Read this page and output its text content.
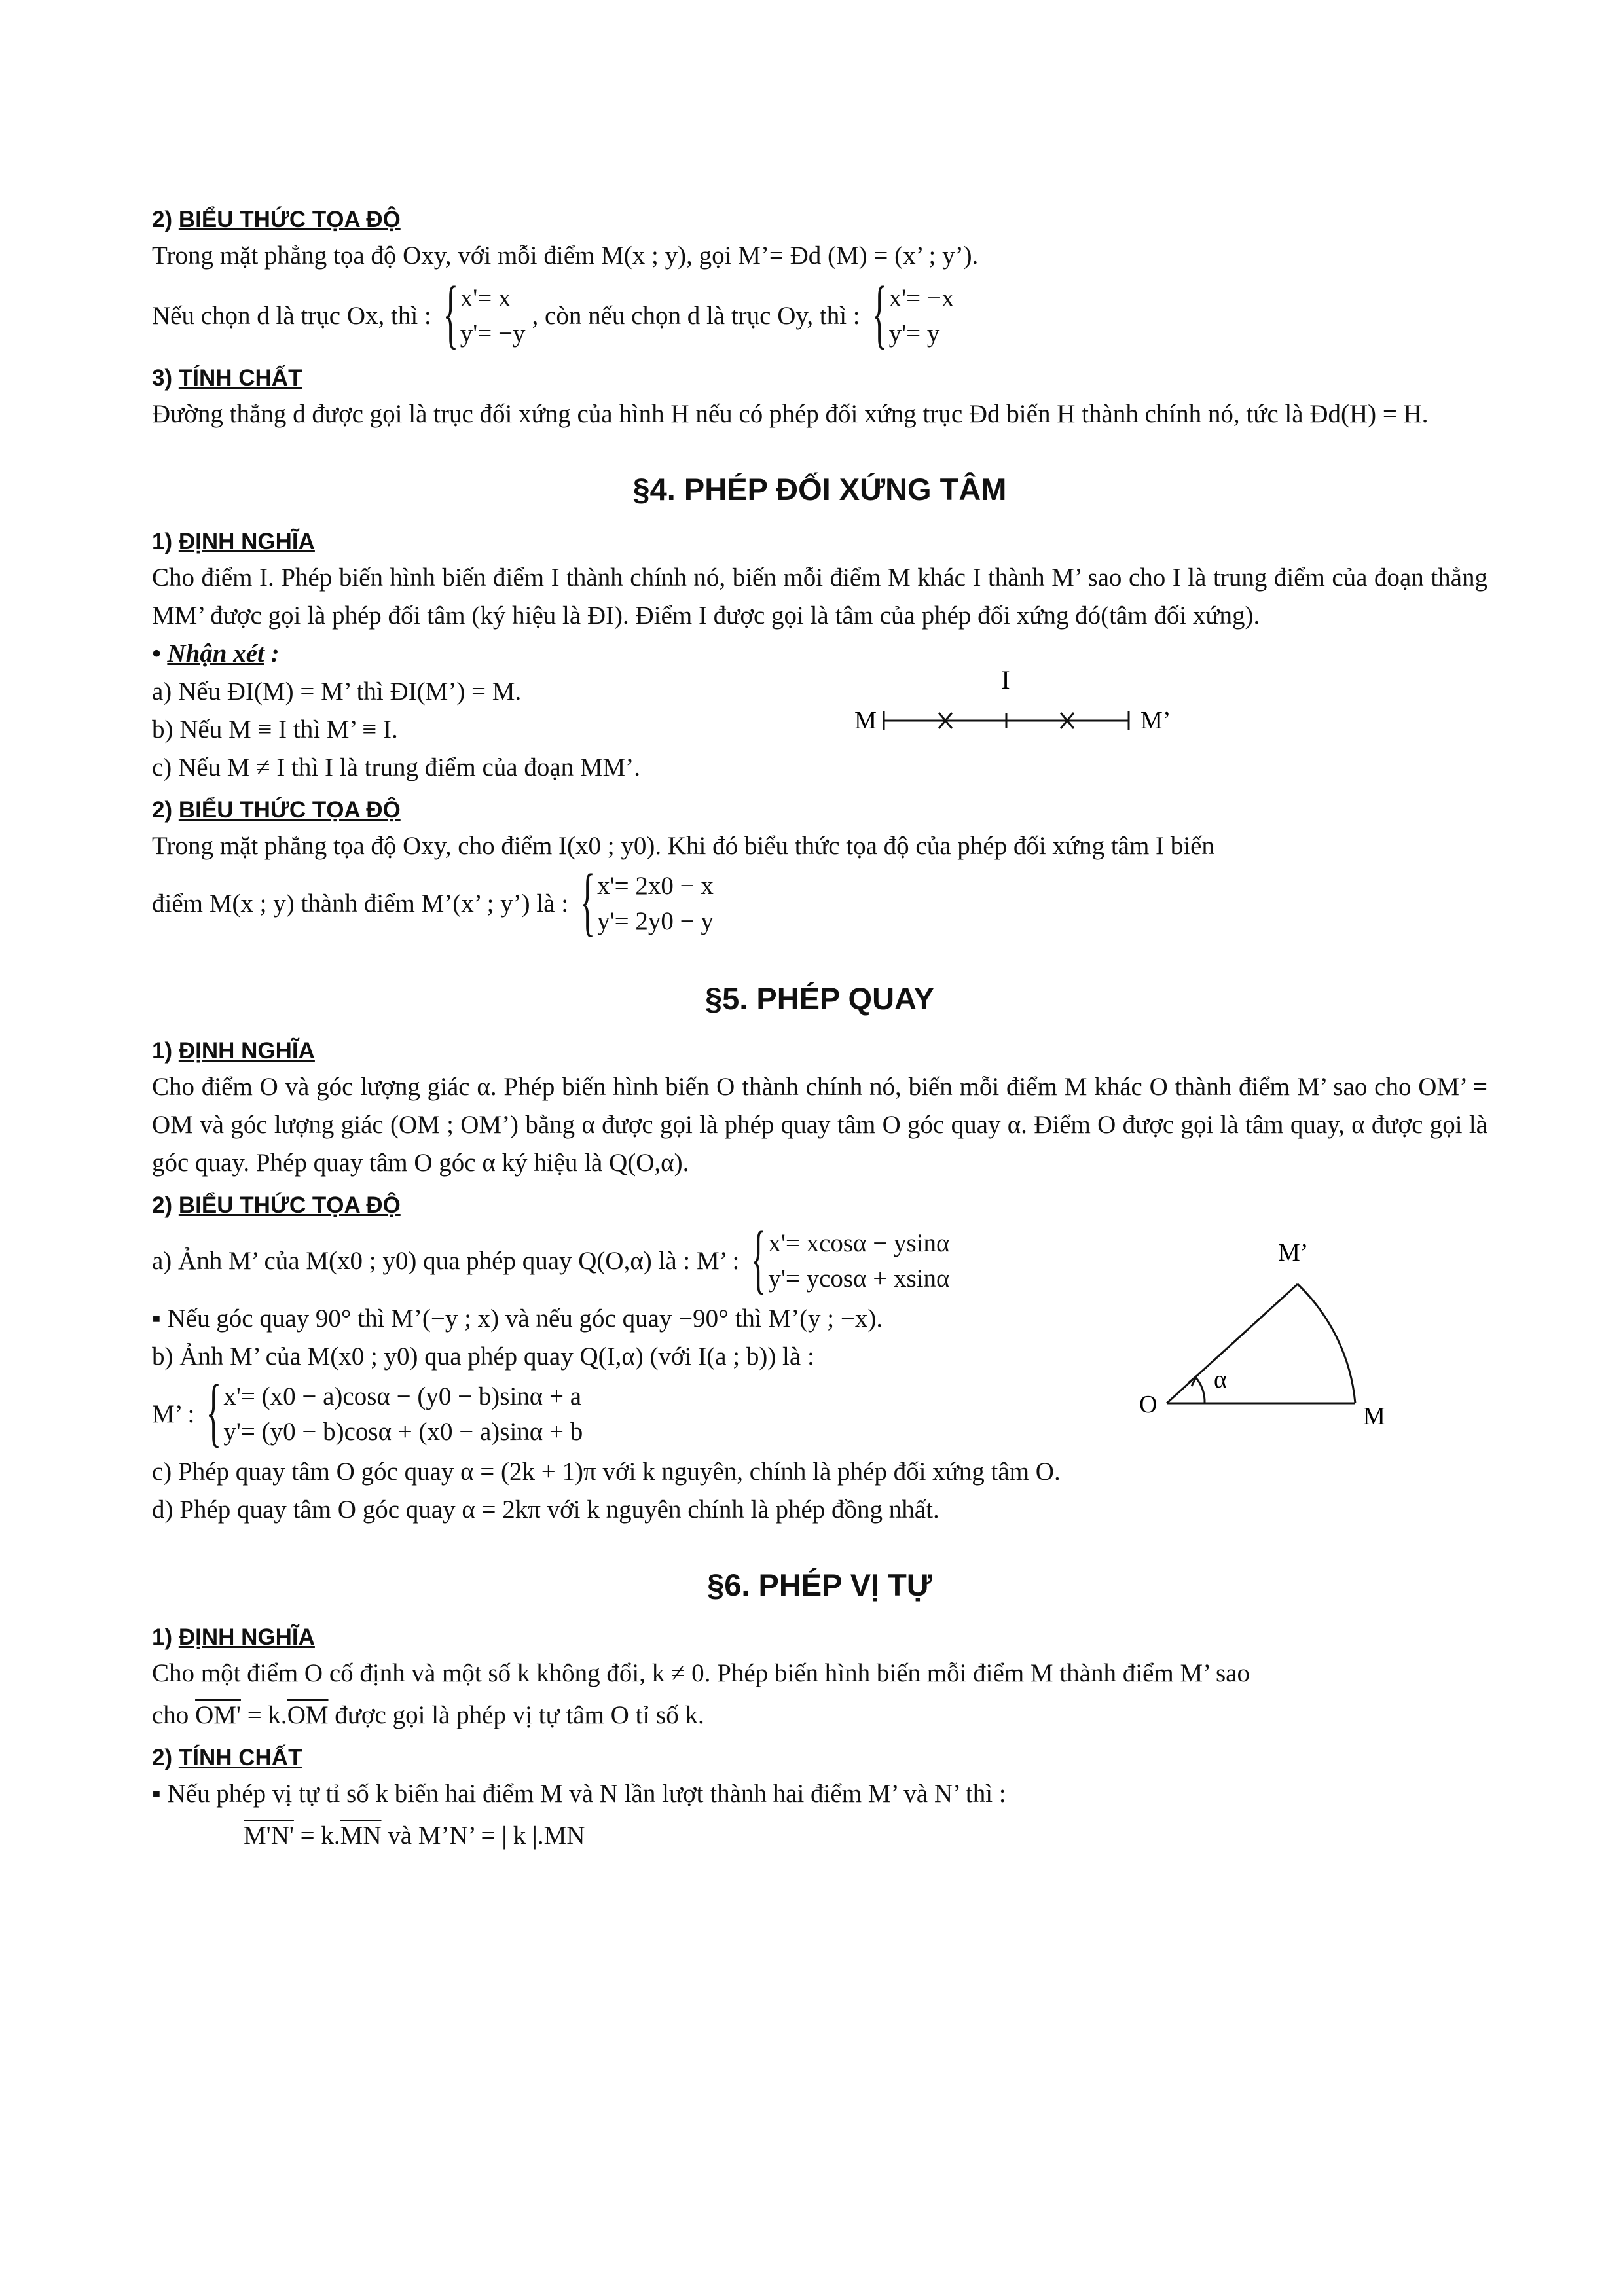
2) BIỂU THỨC TỌA ĐỘ

Trong mặt phẳng tọa độ Oxy, với mỗi điểm M(x ; y), gọi M’= Đd (M) = (x’ ; y’).

Nếu chọn d là trục Ox, thì : { x'= x
y'= −y
, còn nếu chọn d là trục Oy, thì : { x'= −x
y'= y
3) TÍNH CHẤT

Đường thẳng d được gọi là trục đối xứng của hình H nếu có phép đối xứng trục Đd biến H thành chính nó, tức là Đd(H) = H.

§4. PHÉP ĐỐI XỨNG TÂM
1) ĐỊNH NGHĨA

Cho điểm I. Phép biến hình biến điểm I thành chính nó, biến mỗi điểm M khác I thành M’ sao cho I là trung điểm của đoạn thẳng MM’ được gọi là phép đối tâm (ký hiệu là ĐI). Điểm I được gọi là tâm của phép đối xứng đó(tâm đối xứng).

• Nhận xét :
a) Nếu ĐI(M) = M’ thì ĐI(M’) = M.
b) Nếu M ≡ I thì M’ ≡ I.
c) Nếu M ≠ I thì I là trung điểm của đoạn MM’.
I
M	M’
2) BIỂU THỨC TỌA ĐỘ

Trong mặt phẳng tọa độ Oxy, cho điểm I(x0 ; y0). Khi đó biểu thức tọa độ của phép đối xứng tâm I biến

điểm M(x ; y) thành điểm M’(x’ ; y’) là : { x'= 2x0 − x
y'= 2y0 − y
§5. PHÉP QUAY
1) ĐỊNH NGHĨA

Cho điểm O và góc lượng giác α. Phép biến hình biến O thành chính nó, biến mỗi điểm M khác O thành điểm M’ sao cho OM’ = OM và góc lượng giác (OM ; OM’) bằng α được gọi là phép quay tâm O góc quay α. Điểm O được gọi là tâm quay, α được gọi là góc quay. Phép quay tâm O góc α ký hiệu là Q(O,α).

2) BIỂU THỨC TỌA ĐỘ
a) Ảnh M’ của M(x0 ; y0) qua phép quay Q(O,α) là : M’ : { x'= xcosα − ysinα
y'= ycosα + xsinα
▪ Nếu góc quay 90° thì M’(−y ; x) và nếu góc quay −90° thì M’(y ; −x).
b) Ảnh M’ của M(x0 ; y0) qua phép quay Q(I,α) (với I(a ; b)) là :
M’ : { x'= (x0 − a)cosα − (y0 − b)sinα + a
y'= (y0 − b)cosα + (x0 − a)sinα + b
M’
α
O	M
c) Phép quay tâm O góc quay α = (2k + 1)π với k nguyên, chính là phép đối xứng tâm O.
d) Phép quay tâm O góc quay α = 2kπ với k nguyên chính là phép đồng nhất.
§6. PHÉP VỊ TỰ
1) ĐỊNH NGHĨA

Cho một điểm O cố định và một số k không đổi, k ≠ 0. Phép biến hình biến mỗi điểm M thành điểm M’ sao

cho $OM' = k.\overline{OM}$ được gọi là phép vị tự tâm O tỉ số k.
2) TÍNH CHẤT
▪ Nếu phép vị tự tỉ số k biến hai điểm M và N lần lượt thành hai điểm M’ và N’ thì :
$M'N' = k.\overline{MN}$ và M’N’ = | k |.MN
